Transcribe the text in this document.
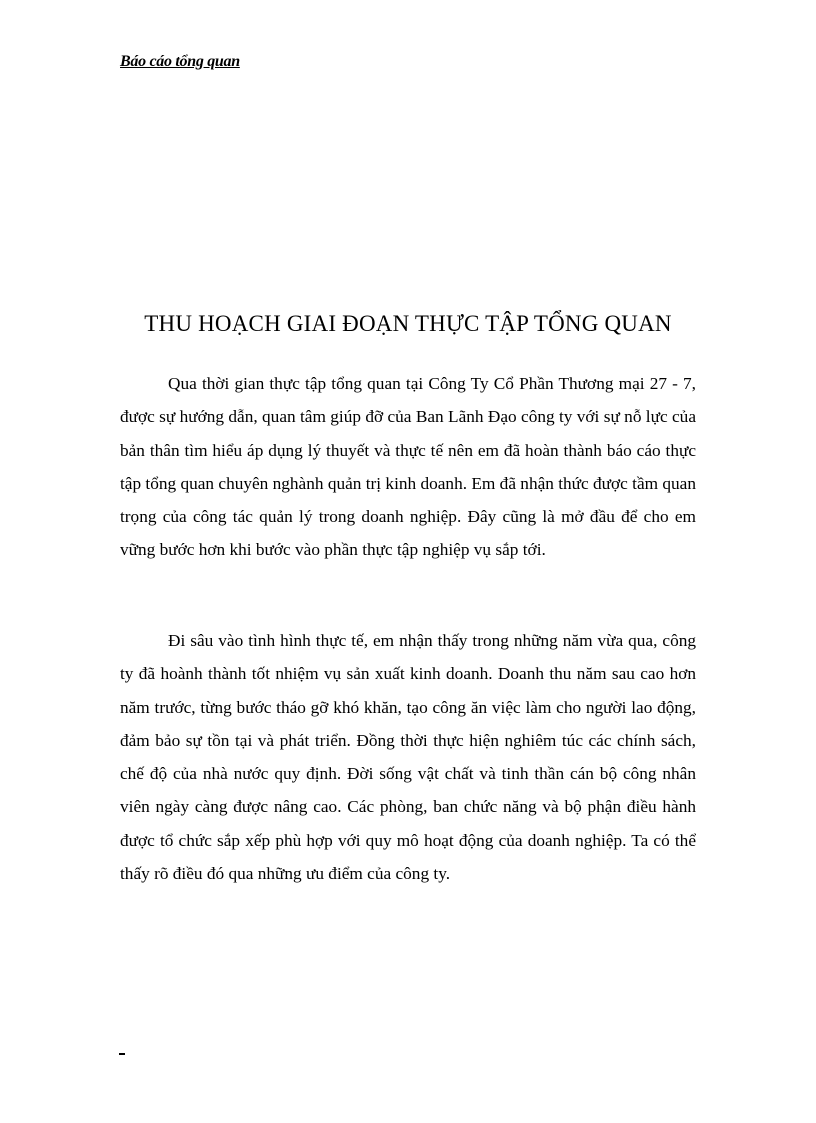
Báo cáo tổng quan

THU HOẠCH GIAI ĐOẠN THỰC TẬP TỔNG QUAN

Qua thời gian thực tập tổng quan tại Công Ty Cổ Phần Thương mại 27 - 7, được sự hướng dẫn, quan tâm giúp đỡ của Ban Lãnh Đạo công ty với sự nỗ lực của bản thân tìm hiểu áp dụng lý thuyết và thực tế nên em đã hoàn thành báo cáo thực tập tổng quan chuyên nghành quản trị kinh doanh. Em đã nhận thức được tầm quan trọng của công tác quản lý trong doanh nghiệp. Đây cũng là mở đầu để cho em vững bước hơn khi bước vào phần thực tập nghiệp vụ sắp tới.

Đi sâu vào tình hình thực tế, em nhận thấy trong những năm vừa qua, công ty đã hoành thành tốt nhiệm vụ sản xuất kinh doanh. Doanh thu năm sau cao hơn năm trước, từng bước tháo gỡ khó khăn, tạo công ăn việc làm cho người lao động, đảm bảo sự tồn tại và phát triển. Đồng thời thực hiện nghiêm túc các chính sách, chế độ của nhà nước quy định. Đời sống vật chất và tinh thần cán bộ công nhân viên ngày càng được nâng cao. Các phòng, ban chức năng và bộ phận điều hành được tổ chức sắp xếp phù hợp với quy mô hoạt động của doanh nghiệp. Ta có thể thấy rõ điều đó qua những ưu điểm của công ty.
